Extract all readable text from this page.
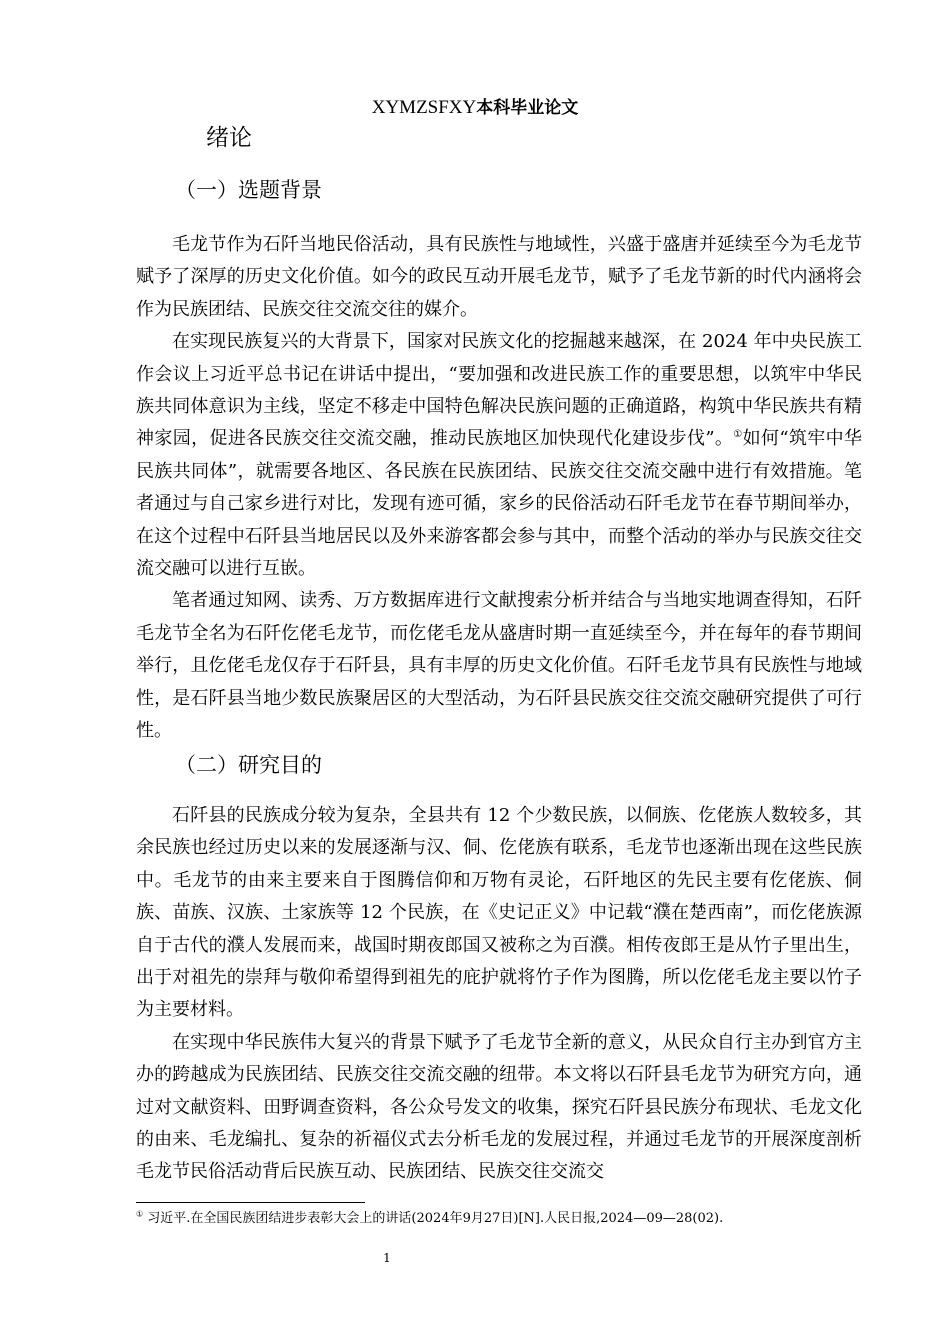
XYMZSFXY本科毕业论文
绪论
（一）选题背景

毛龙节作为石阡当地民俗活动，具有民族性与地域性，兴盛于盛唐并延续至今为毛龙节赋予了深厚的历史文化价值。如今的政民互动开展毛龙节，赋予了毛龙节新的时代内涵将会作为民族团结、民族交往交流交往的媒介。

在实现民族复兴的大背景下，国家对民族文化的挖掘越来越深，在 2024 年中央民族工作会议上习近平总书记在讲话中提出，“要加强和改进民族工作的重要思想，以筑牢中华民族共同体意识为主线，坚定不移走中国特色解决民族问题的正确道路，构筑中华民族共有精神家园，促进各民族交往交流交融，推动民族地区加快现代化建设步伐”。①如何“筑牢中华民族共同体”，就需要各地区、各民族在民族团结、民族交往交流交融中进行有效措施。笔者通过与自己家乡进行对比，发现有迹可循，家乡的民俗活动石阡毛龙节在春节期间举办，在这个过程中石阡县当地居民以及外来游客都会参与其中，而整个活动的举办与民族交往交流交融可以进行互嵌。

笔者通过知网、读秀、万方数据库进行文献搜索分析并结合与当地实地调查得知，石阡毛龙节全名为石阡仡佬毛龙节，而仡佬毛龙从盛唐时期一直延续至今，并在每年的春节期间举行，且仡佬毛龙仅存于石阡县，具有丰厚的历史文化价值。石阡毛龙节具有民族性与地域性，是石阡县当地少数民族聚居区的大型活动，为石阡县民族交往交流交融研究提供了可行性。

（二）研究目的

石阡县的民族成分较为复杂，全县共有 12 个少数民族，以侗族、仡佬族人数较多，其余民族也经过历史以来的发展逐渐与汉、侗、仡佬族有联系，毛龙节也逐渐出现在这些民族中。毛龙节的由来主要来自于图腾信仰和万物有灵论，石阡地区的先民主要有仡佬族、侗族、苗族、汉族、土家族等 12 个民族，在《史记正义》中记载“濮在楚西南”，而仡佬族源自于古代的濮人发展而来，战国时期夜郎国又被称之为百濮。相传夜郎王是从竹子里出生，出于对祖先的崇拜与敬仰希望得到祖先的庇护就将竹子作为图腾，所以仡佬毛龙主要以竹子为主要材料。

在实现中华民族伟大复兴的背景下赋予了毛龙节全新的意义，从民众自行主办到官方主办的跨越成为民族团结、民族交往交流交融的纽带。本文将以石阡县毛龙节为研究方向，通过对文献资料、田野调查资料，各公众号发文的收集，探究石阡县民族分布现状、毛龙文化的由来、毛龙编扎、复杂的祈福仪式去分析毛龙的发展过程，并通过毛龙节的开展深度剖析毛龙节民俗活动背后民族互动、民族团结、民族交往交流交

① 习近平.在全国民族团结进步表彰大会上的讲话(2024年9月27日)[N].人民日报,2024—09—28(02).
1
